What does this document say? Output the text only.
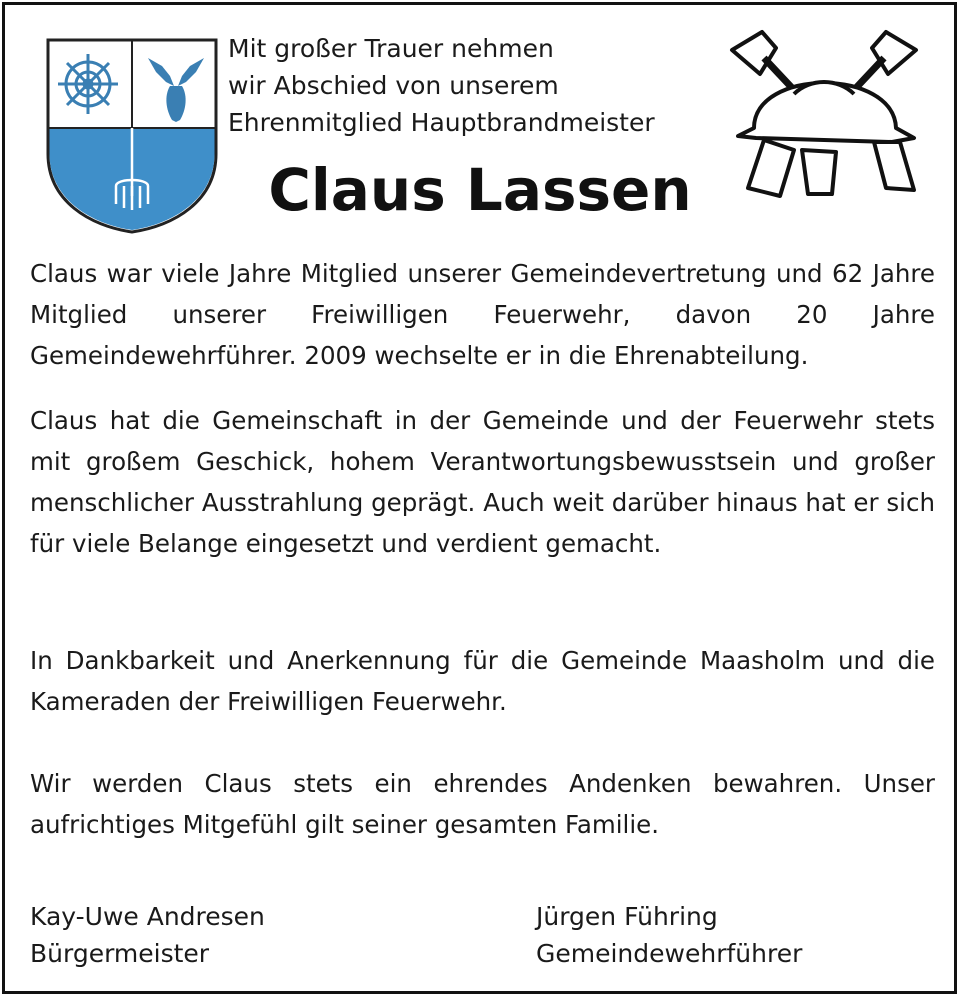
Mit großer Trauer nehmen
wir Abschied von unserem
Ehrenmitglied Hauptbrandmeister
Claus Lassen
Claus war viele Jahre Mitglied unserer Gemeindevertretung und 62 Jahre Mitglied unserer Freiwilligen Feuerwehr, davon 20 Jahre Gemeindewehrführer. 2009 wechselte er in die Ehrenabteilung.
Claus hat die Gemeinschaft in der Gemeinde und der Feuerwehr stets mit großem Geschick, hohem Verantwortungsbewusstsein und großer menschlicher Ausstrahlung geprägt. Auch weit darüber hinaus hat er sich für viele Belange eingesetzt und verdient gemacht.
In Dankbarkeit und Anerkennung für die Gemeinde Maasholm und die Kameraden der Freiwilligen Feuerwehr.
Wir werden Claus stets ein ehrendes Andenken bewahren. Unser aufrichtiges Mitgefühl gilt seiner gesamten Familie.
Kay-Uwe Andresen
Bürgermeister
Jürgen Führing
Gemeindewehrführer
